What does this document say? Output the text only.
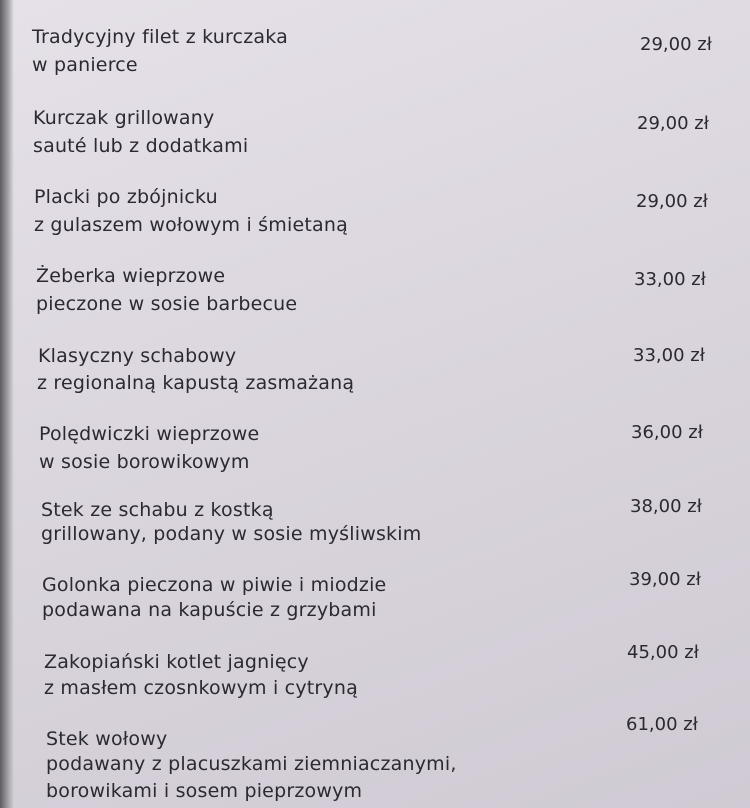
Tradycyjny filet z kurczaka
w panierce
29,00 zł
Kurczak grillowany
sauté lub z dodatkami
29,00 zł
Placki po zbójnicku
z gulaszem wołowym i śmietaną
29,00 zł
Żeberka wieprzowe
pieczone w sosie barbecue
33,00 zł
Klasyczny schabowy
z regionalną kapustą zasmażaną
33,00 zł
Polędwiczki wieprzowe
w sosie borowikowym
36,00 zł
Stek ze schabu z kostką
grillowany, podany w sosie myśliwskim
38,00 zł
Golonka pieczona w piwie i miodzie
podawana na kapuście z grzybami
39,00 zł
Zakopiański kotlet jagnięcy
z masłem czosnkowym i cytryną
45,00 zł
Stek wołowy
podawany z placuszkami ziemniaczanymi,
borowikami i sosem pieprzowym
61,00 zł
